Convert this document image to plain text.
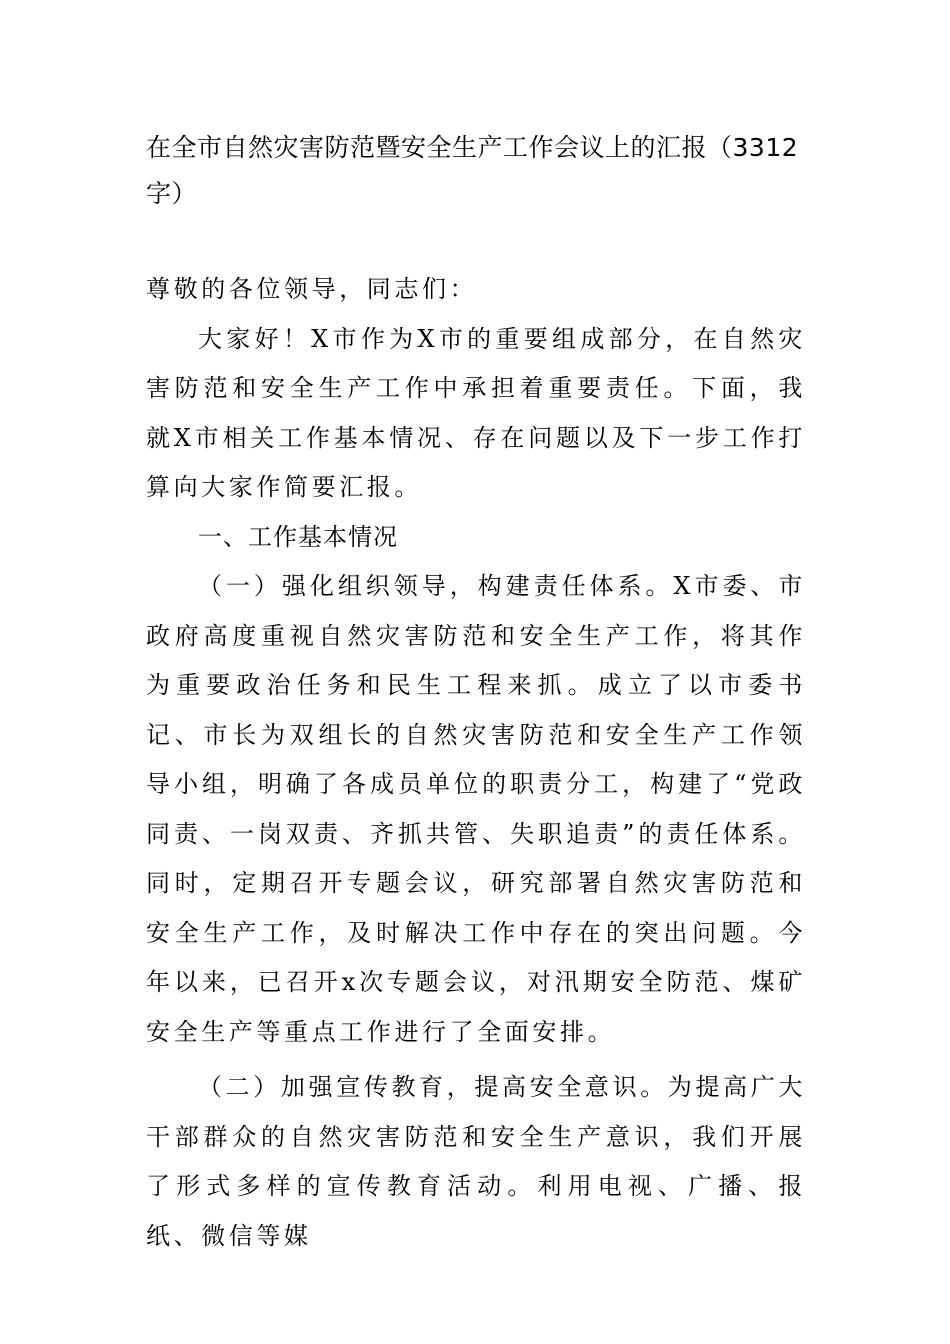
在全市自然灾害防范暨安全生产工作会议上的汇报（3312字）

尊敬的各位领导，同志们：

大家好！X市作为X市的重要组成部分，在自然灾害防范和安全生产工作中承担着重要责任。下面，我就X市相关工作基本情况、存在问题以及下一步工作打算向大家作简要汇报。

一、工作基本情况

（一）强化组织领导，构建责任体系。X市委、市政府高度重视自然灾害防范和安全生产工作，将其作为重要政治任务和民生工程来抓。成立了以市委书记、市长为双组长的自然灾害防范和安全生产工作领导小组，明确了各成员单位的职责分工，构建了“党政同责、一岗双责、齐抓共管、失职追责”的责任体系。同时，定期召开专题会议，研究部署自然灾害防范和安全生产工作，及时解决工作中存在的突出问题。今年以来，已召开x次专题会议，对汛期安全防范、煤矿安全生产等重点工作进行了全面安排。

（二）加强宣传教育，提高安全意识。为提高广大干部群众的自然灾害防范和安全生产意识，我们开展了形式多样的宣传教育活动。利用电视、广播、报纸、微信等媒
